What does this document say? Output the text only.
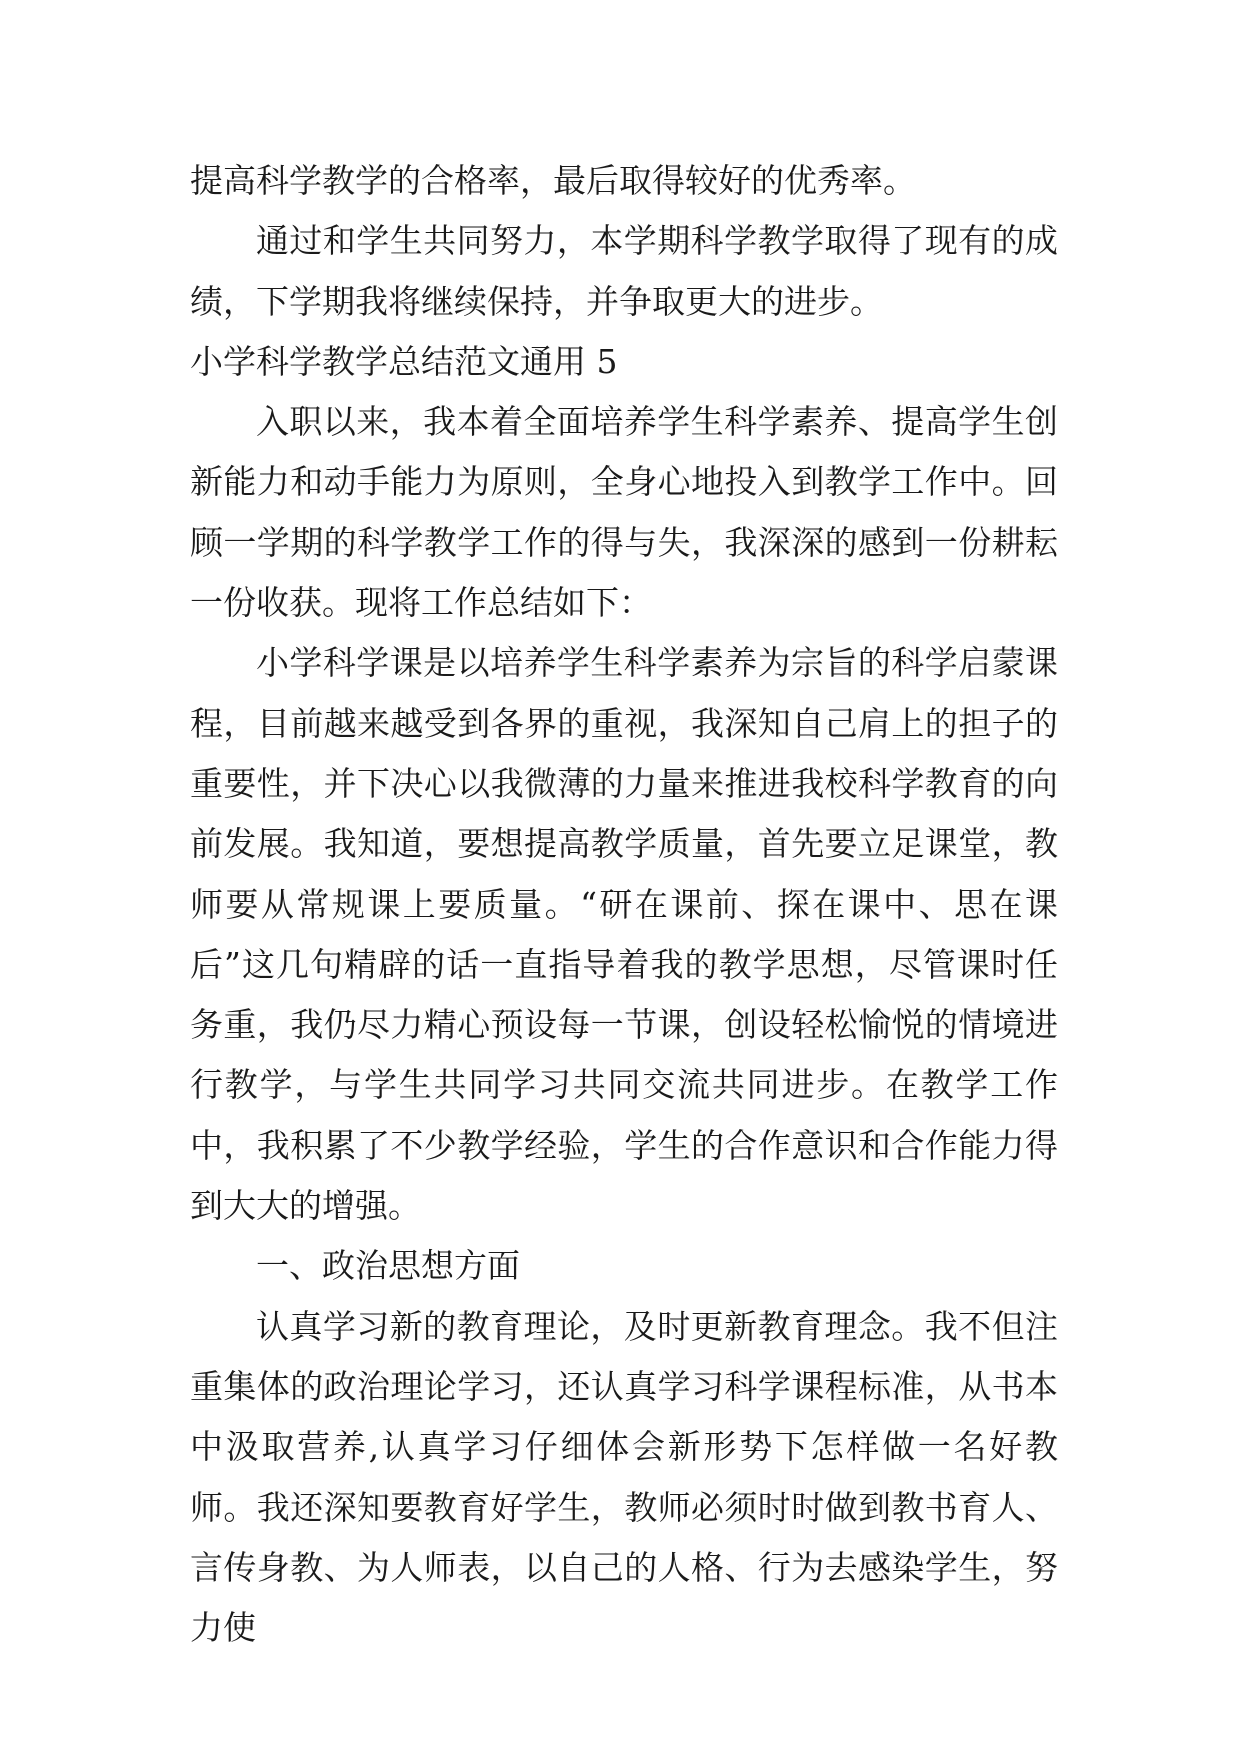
提高科学教学的合格率，最后取得较好的优秀率。

通过和学生共同努力，本学期科学教学取得了现有的成绩，下学期我将继续保持，并争取更大的进步。

小学科学教学总结范文通用 5

入职以来，我本着全面培养学生科学素养、提高学生创新能力和动手能力为原则，全身心地投入到教学工作中。回顾一学期的科学教学工作的得与失，我深深的感到一份耕耘一份收获。现将工作总结如下：

小学科学课是以培养学生科学素养为宗旨的科学启蒙课程，目前越来越受到各界的重视，我深知自己肩上的担子的重要性，并下决心以我微薄的力量来推进我校科学教育的向前发展。我知道，要想提高教学质量，首先要立足课堂，教师要从常规课上要质量。“研在课前、探在课中、思在课后”这几句精辟的话一直指导着我的教学思想，尽管课时任务重，我仍尽力精心预设每一节课，创设轻松愉悦的情境进行教学，与学生共同学习共同交流共同进步。在教学工作中，我积累了不少教学经验，学生的合作意识和合作能力得到大大的增强。

一、政治思想方面

认真学习新的教育理论，及时更新教育理念。我不但注重集体的政治理论学习，还认真学习科学课程标准，从书本中汲取营养,认真学习仔细体会新形势下怎样做一名好教师。我还深知要教育好学生，教师必须时时做到教书育人、言传身教、为人师表，以自己的人格、行为去感染学生，努力使
